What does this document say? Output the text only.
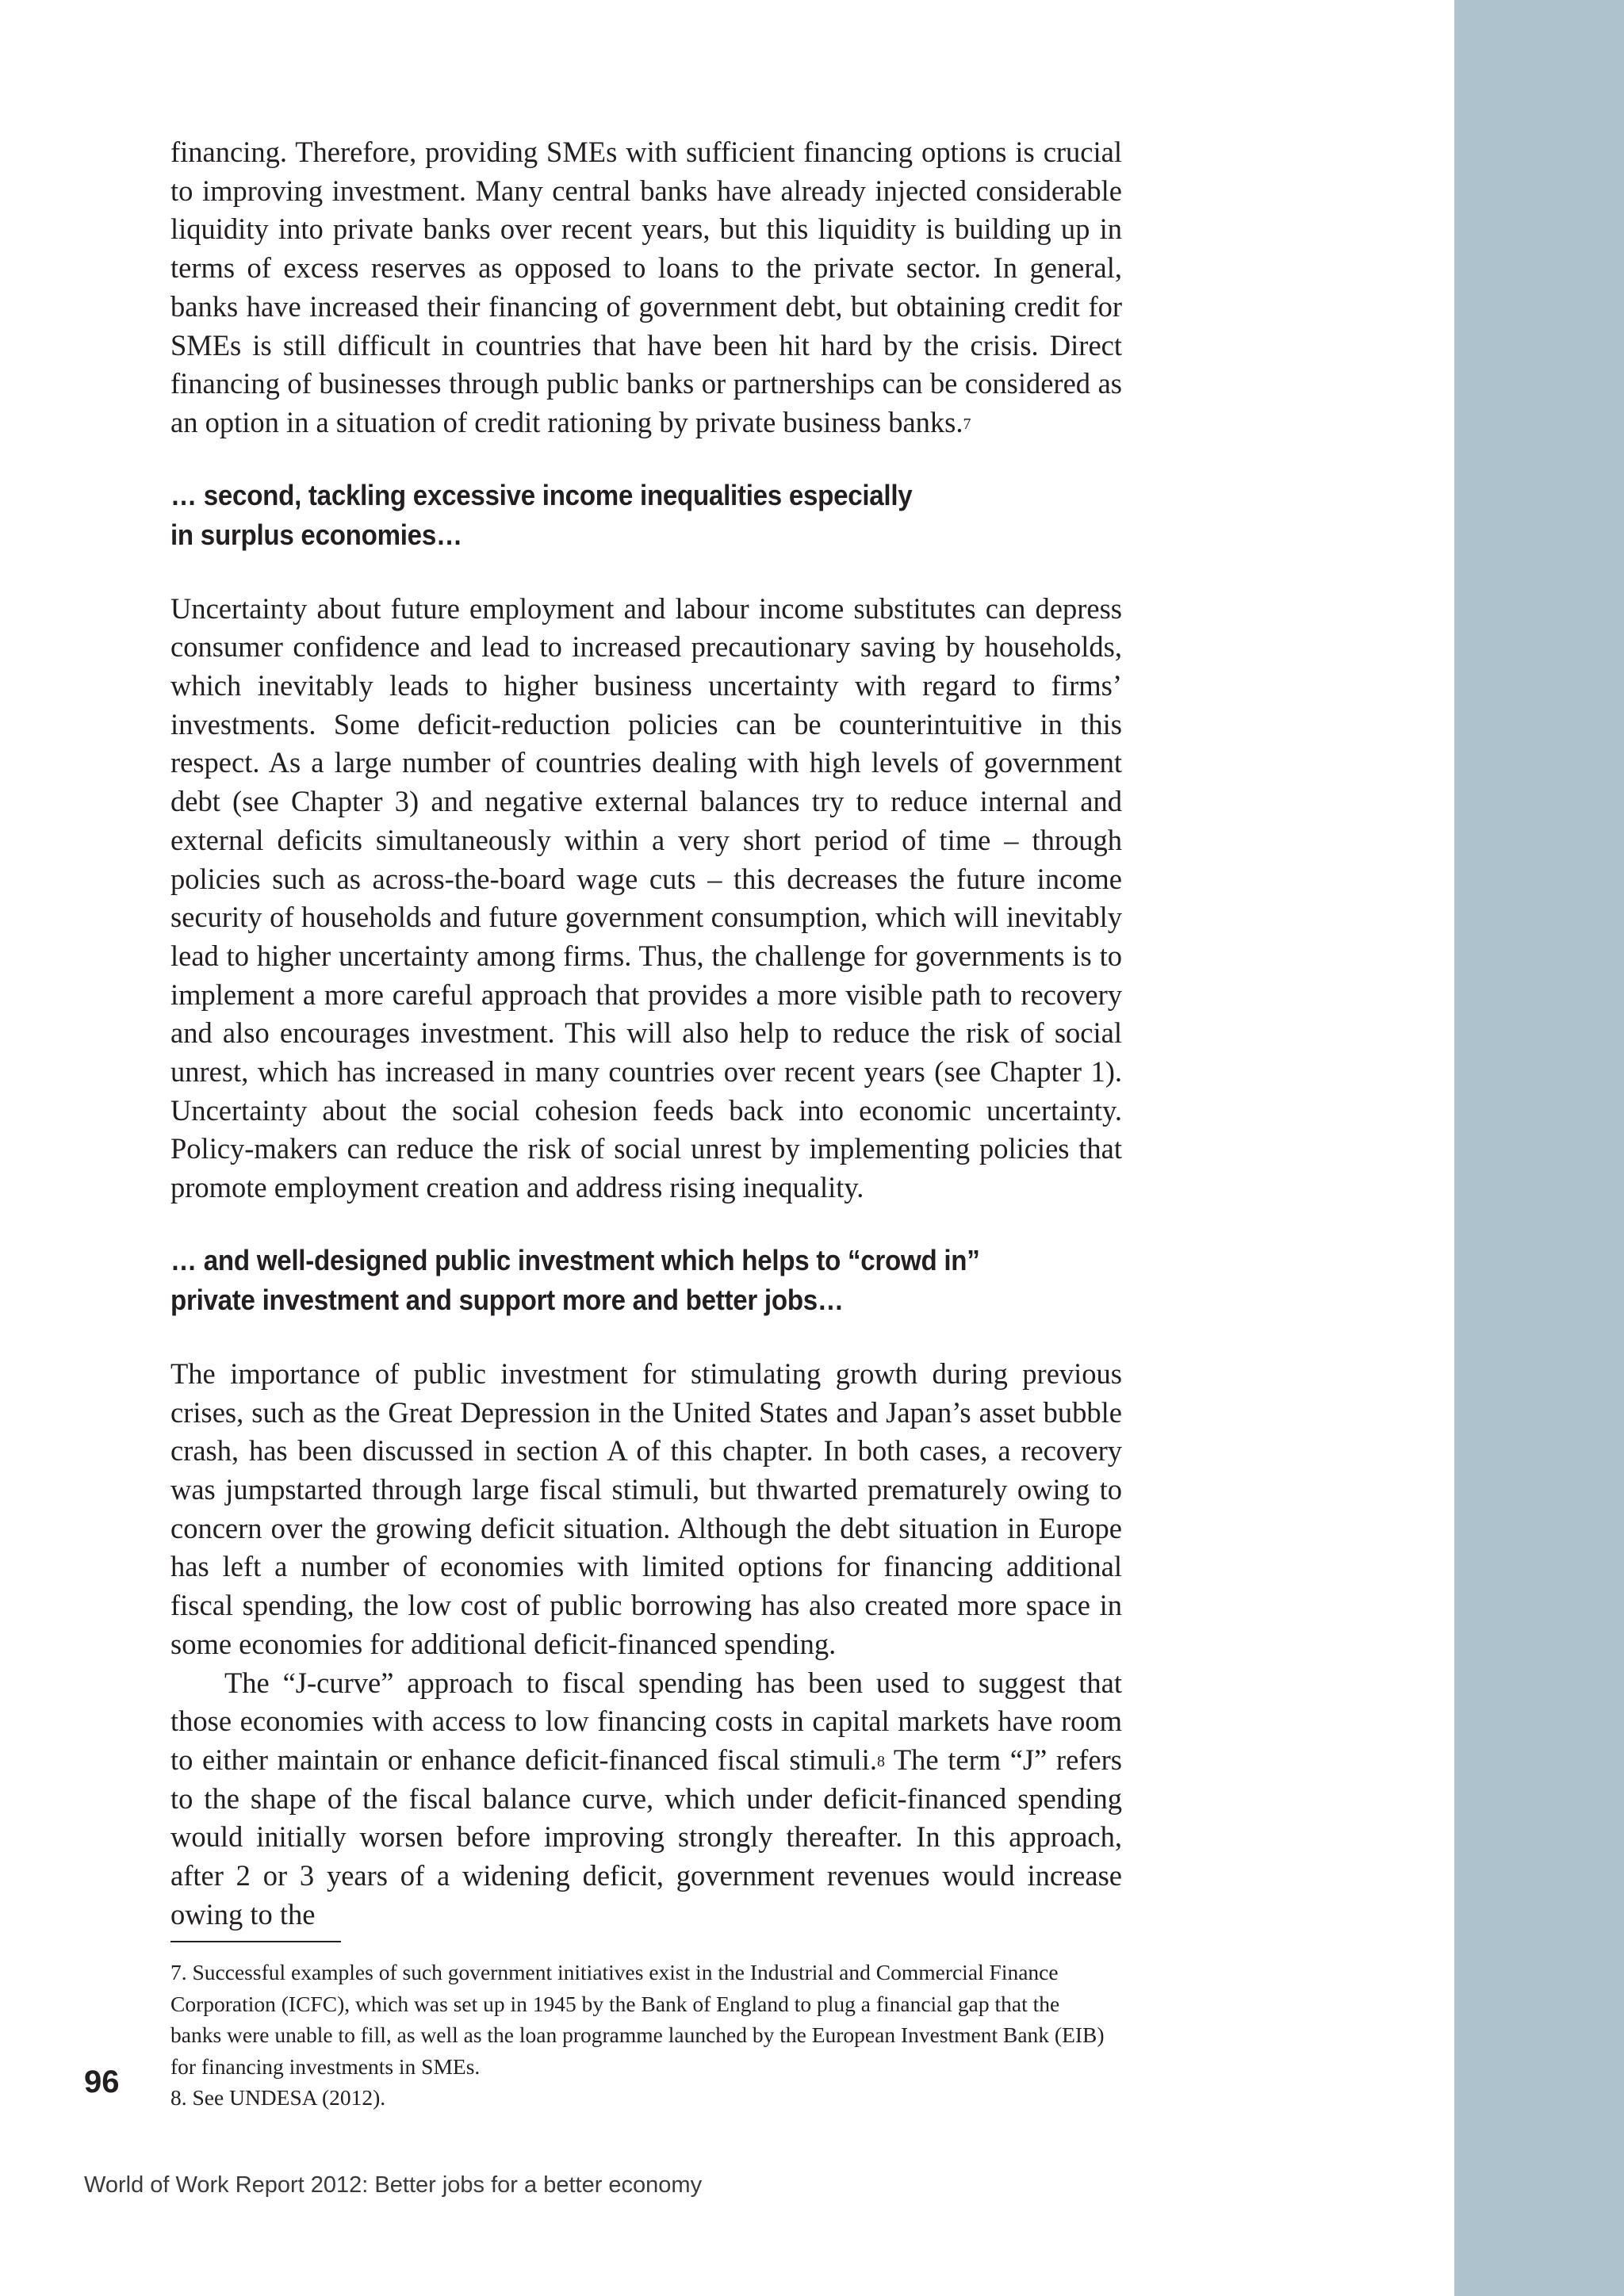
financing. Therefore, providing SMEs with sufficient financing options is crucial to improving investment. Many central banks have already injected considerable liquidity into private banks over recent years, but this liquidity is building up in terms of excess reserves as opposed to loans to the private sector. In general, banks have increased their financing of government debt, but obtaining credit for SMEs is still difficult in countries that have been hit hard by the crisis. Direct financing of businesses through public banks or partnerships can be considered as an option in a situation of credit rationing by private business banks.$^7$

… second, tackling excessive income inequalities especially
in surplus economies…

Uncertainty about future employment and labour income substitutes can depress consumer confidence and lead to increased precautionary saving by households, which inevitably leads to higher business uncertainty with regard to firms’ investments. Some deficit-reduction policies can be counterintuitive in this respect. As a large number of countries dealing with high levels of government debt (see Chapter 3) and negative external balances try to reduce internal and external deficits simultaneously within a very short period of time – through policies such as across-the-board wage cuts – this decreases the future income security of households and future government consumption, which will inevitably lead to higher uncertainty among firms. Thus, the challenge for governments is to implement a more careful approach that provides a more visible path to recovery and also encourages investment. This will also help to reduce the risk of social unrest, which has increased in many countries over recent years (see Chapter 1). Uncertainty about the social cohesion feeds back into economic uncertainty. Policy-makers can reduce the risk of social unrest by implementing policies that promote employment creation and address rising inequality.

… and well-designed public investment which helps to “crowd in”
private investment and support more and better jobs…

The importance of public investment for stimulating growth during previous crises, such as the Great Depression in the United States and Japan’s asset bubble crash, has been discussed in section A of this chapter. In both cases, a recovery was jumpstarted through large fiscal stimuli, but thwarted prematurely owing to concern over the growing deficit situation. Although the debt situation in Europe has left a number of economies with limited options for financing additional fiscal spending, the low cost of public borrowing has also created more space in some economies for additional deficit-financed spending.

The “J-curve” approach to fiscal spending has been used to suggest that those economies with access to low financing costs in capital markets have room to either maintain or enhance deficit-financed fiscal stimuli.$^8$ The term “J” refers to the shape of the fiscal balance curve, which under deficit-financed spending would initially worsen before improving strongly thereafter. In this approach, after 2 or 3 years of a widening deficit, government revenues would increase owing to the

7. Successful examples of such government initiatives exist in the Industrial and Commercial Finance Corporation (ICFC), which was set up in 1945 by the Bank of England to plug a financial gap that the banks were unable to fill, as well as the loan programme launched by the European Investment Bank (EIB) for financing investments in SMEs.

8. See UNDESA (2012).

96
World of Work Report 2012: Better jobs for a better economy
